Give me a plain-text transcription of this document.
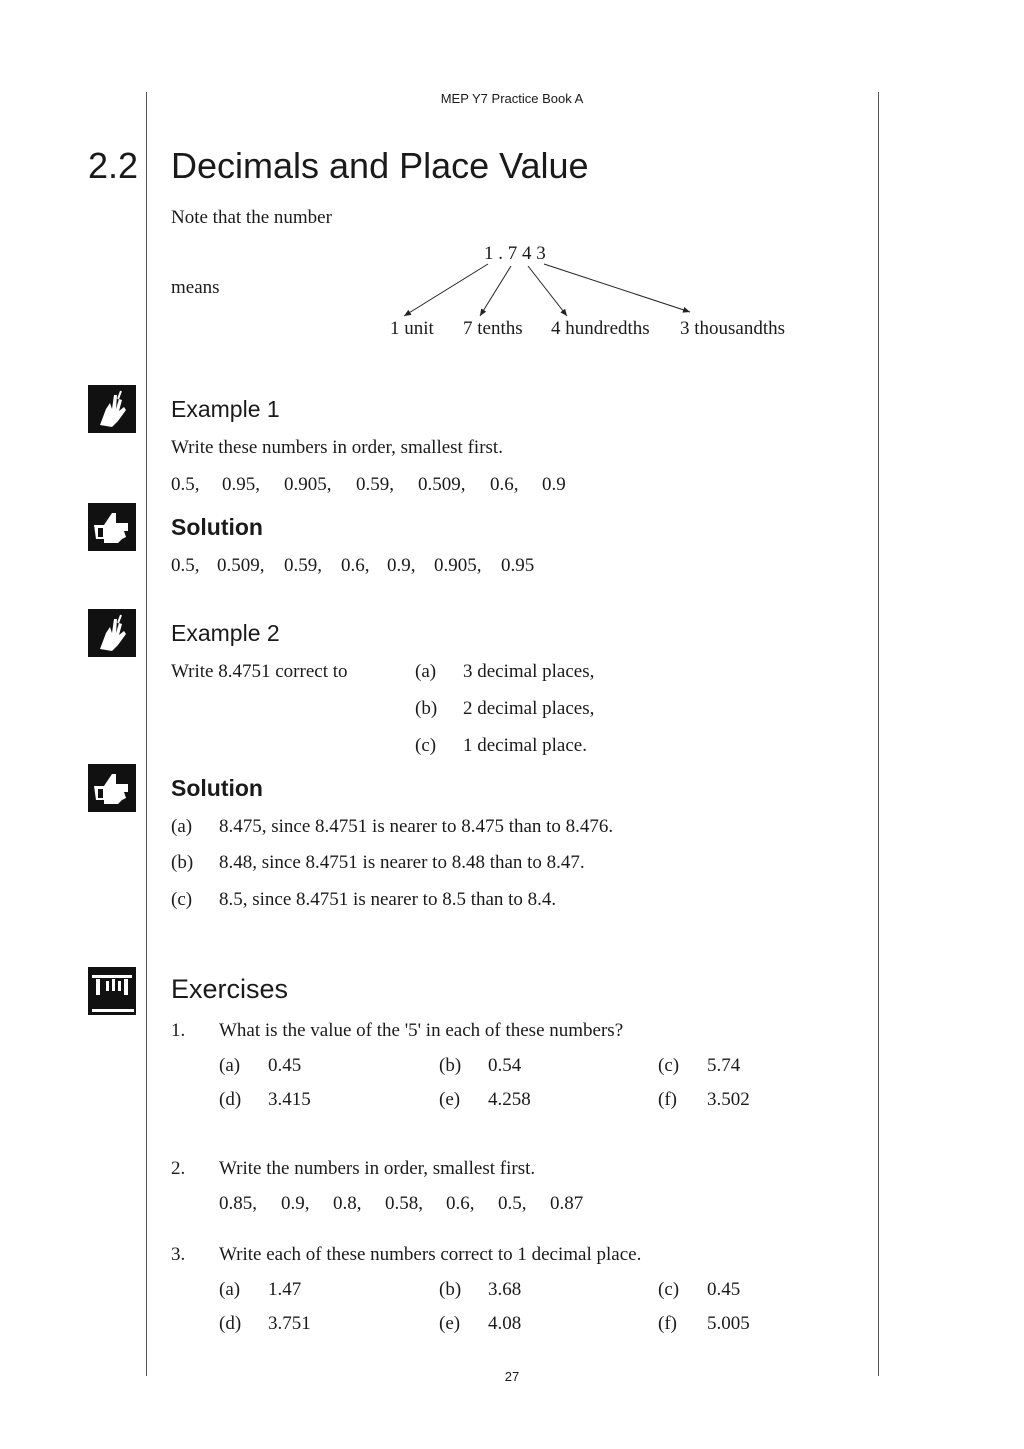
MEP Y7 Practice Book A
2.2 Decimals and Place Value
Note that the number
1 . 7 4 3
means
1 unit 7 tenths 4 hundredths 3 thousandths
Example 1
Write these numbers in order, smallest first.
0.5, 0.95, 0.905, 0.59, 0.509, 0.6, 0.9
Solution
0.5, 0.509, 0.59, 0.6, 0.9, 0.905, 0.95
Example 2
Write 8.4751 correct to	(a) 3 decimal places,
(b) 2 decimal places,
(c) 1 decimal place.
Solution
(a) 8.475, since 8.4751 is nearer to 8.475 than to 8.476.
(b) 8.48, since 8.4751 is nearer to 8.48 than to 8.47.
(c) 8.5, since 8.4751 is nearer to 8.5 than to 8.4.
Exercises
1. What is the value of the '5' in each of these numbers?
(a) 0.45	(b) 0.54	(c) 5.74
(d) 3.415	(e) 4.258	(f) 3.502
2. Write the numbers in order, smallest first.
0.85, 0.9, 0.8, 0.58, 0.6, 0.5, 0.87
3. Write each of these numbers correct to 1 decimal place.
(a) 1.47	(b) 3.68	(c) 0.45
(d) 3.751	(e) 4.08	(f) 5.005
27
